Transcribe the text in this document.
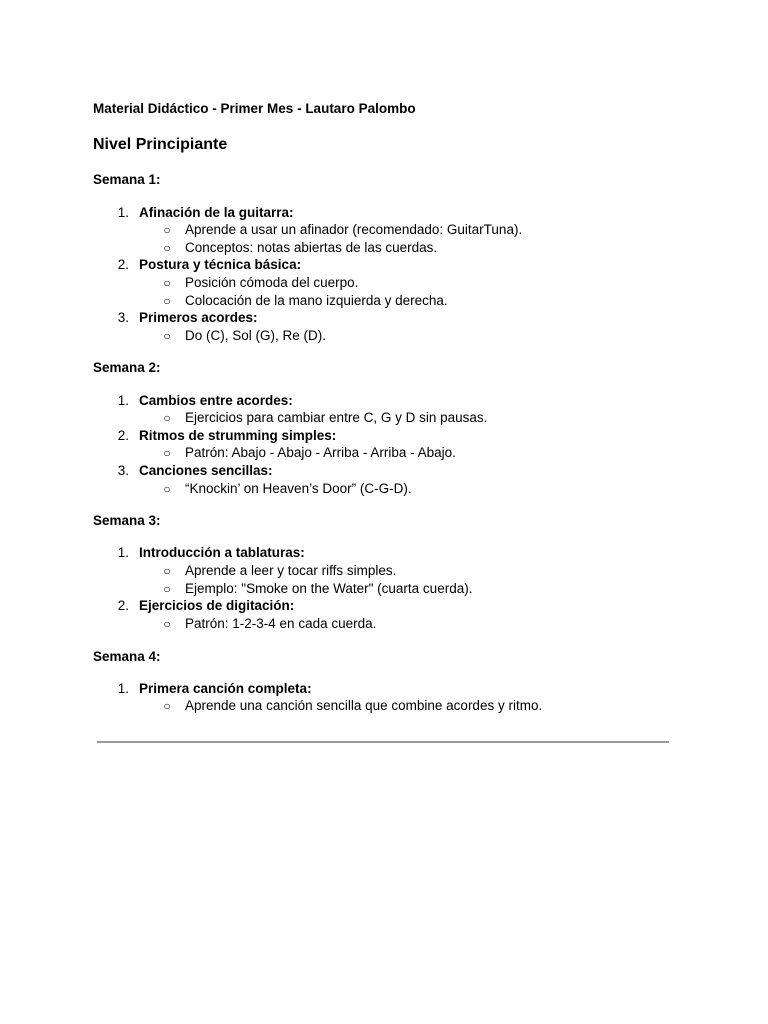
Material Didáctico - Primer Mes - Lautaro Palombo
Nivel Principiante
Semana 1:
1. Afinación de la guitarra:
○ Aprende a usar un afinador (recomendado: GuitarTuna).
○ Conceptos: notas abiertas de las cuerdas.
2. Postura y técnica básica:
○ Posición cómoda del cuerpo.
○ Colocación de la mano izquierda y derecha.
3. Primeros acordes:
○ Do (C), Sol (G), Re (D).
Semana 2:
1. Cambios entre acordes:
○ Ejercicios para cambiar entre C, G y D sin pausas.
2. Ritmos de strumming simples:
○ Patrón: Abajo - Abajo - Arriba - Arriba - Abajo.
3. Canciones sencillas:
○ “Knockin’ on Heaven’s Door” (C-G-D).
Semana 3:
1. Introducción a tablaturas:
○ Aprende a leer y tocar riffs simples.
○ Ejemplo: "Smoke on the Water" (cuarta cuerda).
2. Ejercicios de digitación:
○ Patrón: 1-2-3-4 en cada cuerda.
Semana 4:
1. Primera canción completa:
○ Aprende una canción sencilla que combine acordes y ritmo.
